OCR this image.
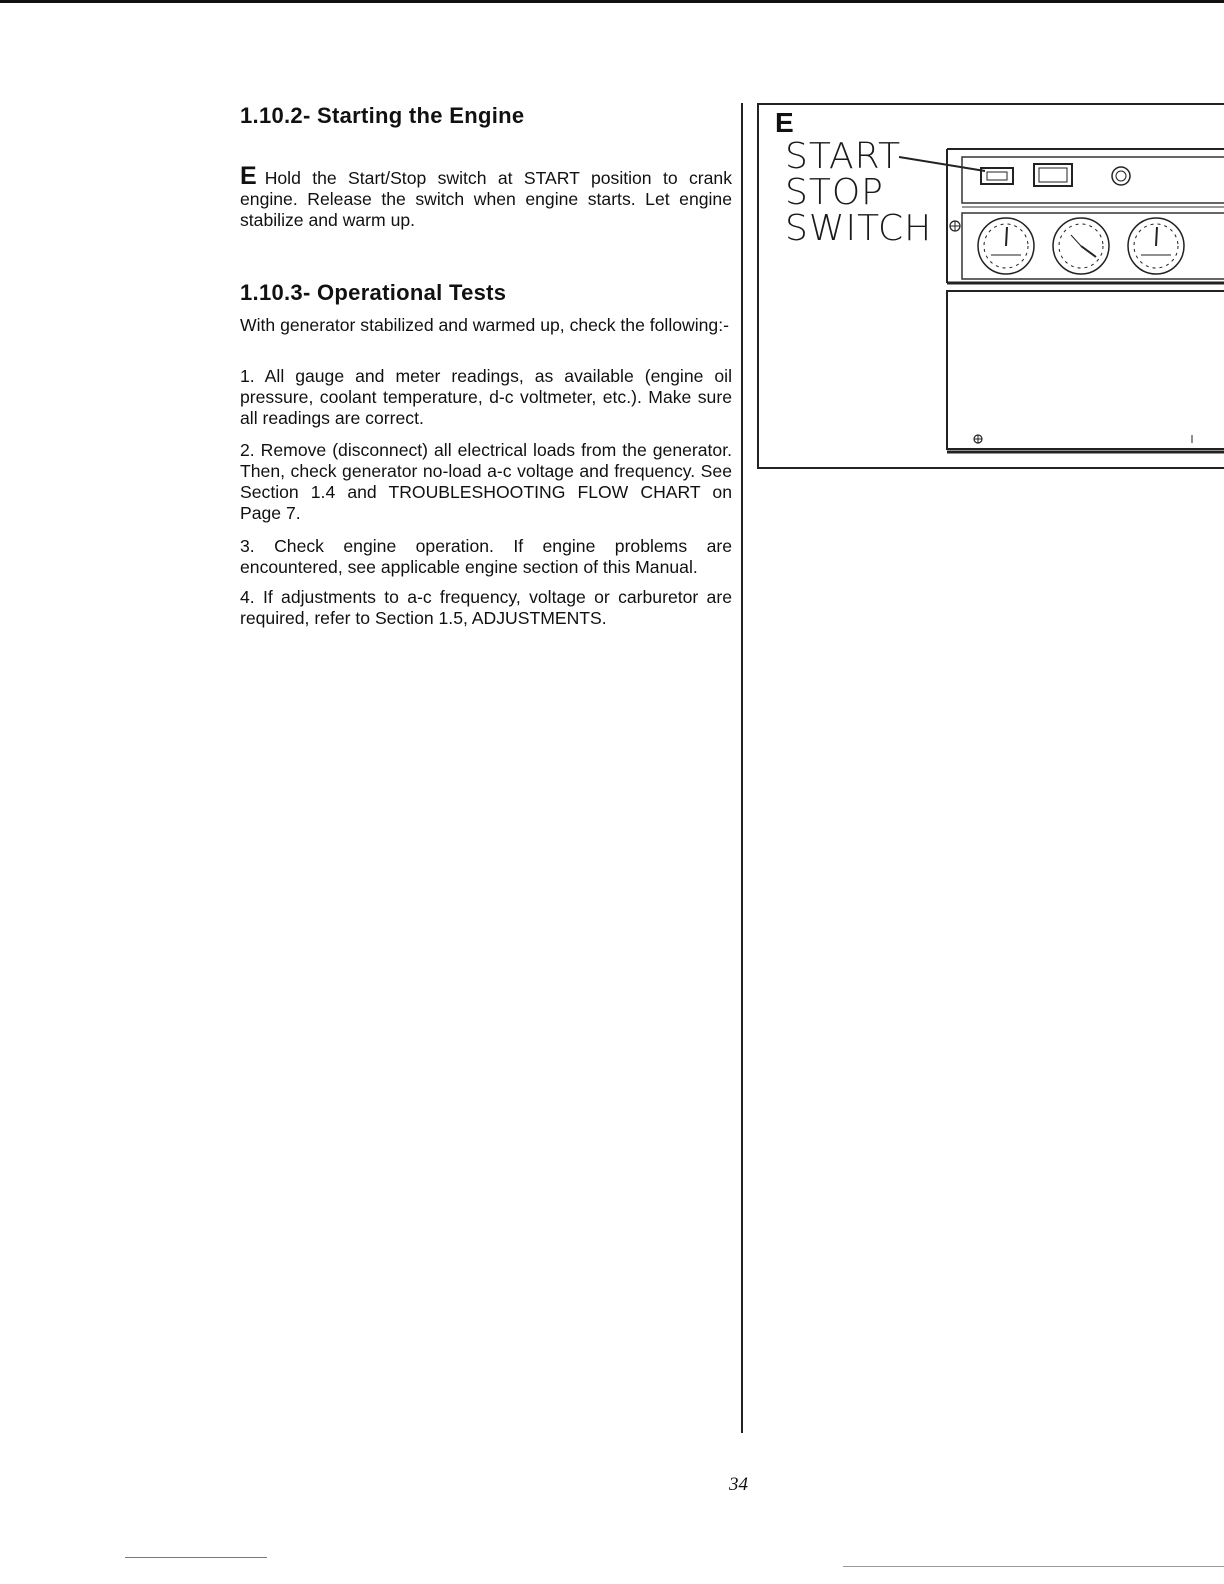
1.10.2- Starting the Engine

E Hold the Start/Stop switch at START position to crank engine. Release the switch when engine starts. Let engine stabilize and warm up.

1.10.3- Operational Tests

With generator stabilized and warmed up, check the following:-

1. All gauge and meter readings, as available (engine oil pressure, coolant temperature, d-c voltmeter, etc.). Make sure all readings are correct.

2. Remove (disconnect) all electrical loads from the generator. Then, check generator no-load a-c voltage and frequency. See Section 1.4 and TROUBLESHOOTING FLOW CHART on Page 7.

3. Check engine operation. If engine problems are encountered, see applicable engine section of this Manual.

4. If adjustments to a-c frequency, voltage or carburetor are required, refer to Section 1.5, ADJUSTMENTS.

E
START
STOP
SWITCH
34
